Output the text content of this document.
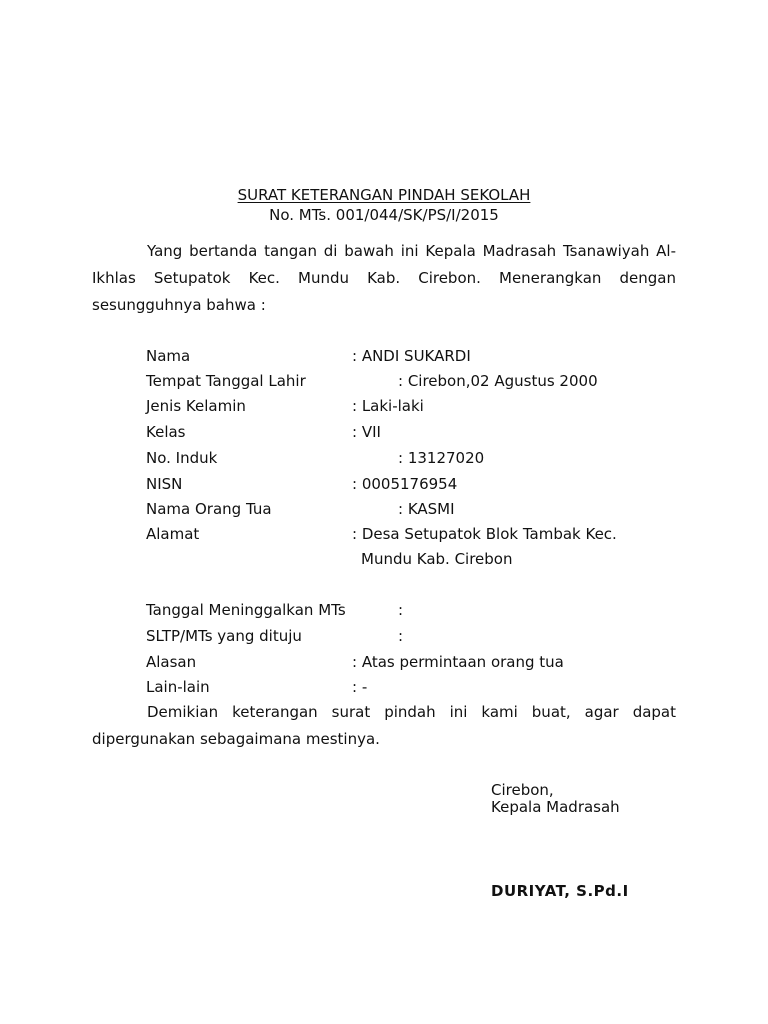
SURAT KETERANGAN PINDAH SEKOLAH
No. MTs. 001/044/SK/PS/I/2015
Yang bertanda tangan di bawah ini Kepala Madrasah Tsanawiyah Al-Ikhlas Setupatok Kec. Mundu Kab. Cirebon. Menerangkan dengan sesungguhnya bahwa :
Nama	: ANDI SUKARDI
Tempat Tanggal Lahir	: Cirebon,02 Agustus 2000
Jenis Kelamin	: Laki-laki
Kelas	: VII
No. Induk	: 13127020
NISN	: 0005176954
Nama Orang Tua	: KASMI
Alamat	: Desa Setupatok Blok Tambak Kec.
Mundu Kab. Cirebon
Tanggal Meninggalkan MTs	:
SLTP/MTs yang dituju	:
Alasan	: Atas permintaan orang tua
Lain-lain	: -
Demikian keterangan surat pindah ini kami buat, agar dapat dipergunakan sebagaimana mestinya.
Cirebon,
Kepala Madrasah
DURIYAT, S.Pd.I
